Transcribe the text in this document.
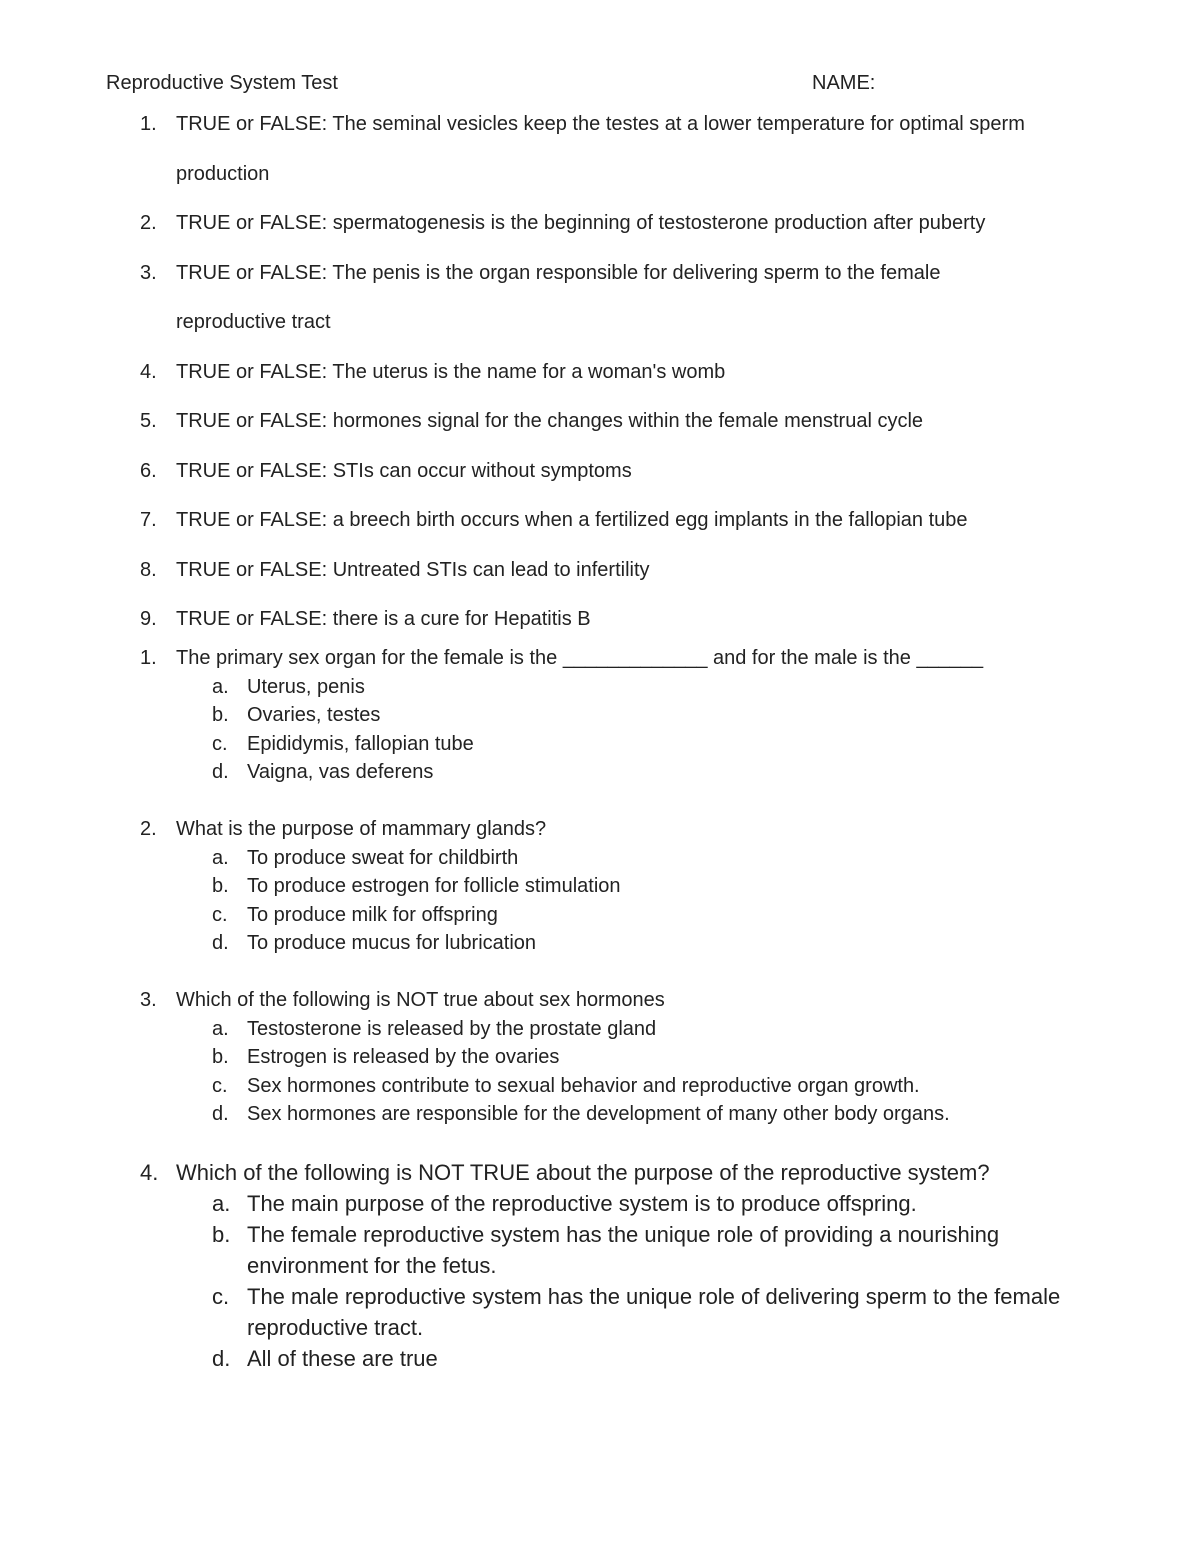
Reproductive System Test	NAME:
1. TRUE or FALSE: The seminal vesicles keep the testes at a lower temperature for optimal sperm production
2. TRUE or FALSE: spermatogenesis is the beginning of testosterone production after puberty
3. TRUE or FALSE: The penis is the organ responsible for delivering sperm to the female reproductive tract
4. TRUE or FALSE: The uterus is the name for a woman's womb
5. TRUE or FALSE: hormones signal for the changes within the female menstrual cycle
6. TRUE or FALSE: STIs can occur without symptoms
7. TRUE or FALSE: a breech birth occurs when a fertilized egg implants in the fallopian tube
8. TRUE or FALSE: Untreated STIs can lead to infertility
9. TRUE or FALSE: there is a cure for Hepatitis B
1. The primary sex organ for the female is the _____________ and for the male is the ______
a. Uterus, penis
b. Ovaries, testes
c. Epididymis, fallopian tube
d. Vaigna, vas deferens
2. What is the purpose of mammary glands?
a. To produce sweat for childbirth
b. To produce estrogen for follicle stimulation
c. To produce milk for offspring
d. To produce mucus for lubrication
3. Which of the following is NOT true about sex hormones
a. Testosterone is released by the prostate gland
b. Estrogen is released by the ovaries
c. Sex hormones contribute to sexual behavior and reproductive organ growth.
d. Sex hormones are responsible for the development of many other body organs.
4. Which of the following is NOT TRUE about the purpose of the reproductive system?
a. The main purpose of the reproductive system is to produce offspring.
b. The female reproductive system has the unique role of providing a nourishing environment for the fetus.
c. The male reproductive system has the unique role of delivering sperm to the female reproductive tract.
d. All of these are true
